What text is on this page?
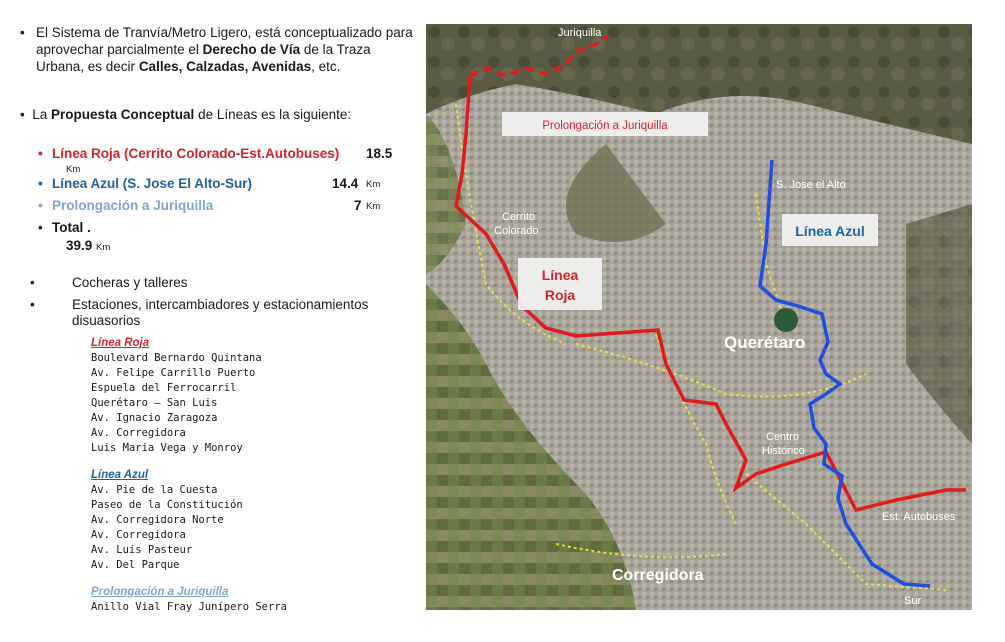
• El Sistema de Tranvía/Metro Ligero, está conceptualizado para aprovechar parcialmente el Derecho de Vía de la Traza Urbana, es decir Calles, Calzadas, Avenidas, etc.
• La Propuesta Conceptual de Líneas es la siguiente:
• Línea Roja (Cerrito Colorado-Est.Autobuses) 18.5
Km
• Línea Azul (S. Jose El Alto-Sur)	14.4 Km
• Prolongación a Juriquilla	7 Km
• Total .
39.9 Km
•	Cocheras y talleres
•	Estaciones, intercambiadores y estacionamientos disuasorios
Línea Roja
Boulevard Bernardo Quintana
Av. Felipe Carrillo Puerto
Espuela del Ferrocarril
Querétaro – San Luis
Av. Ignacio Zaragoza
Av. Corregidora
Luis Maria Vega y Monroy
Línea Azul
Av. Pie de la Cuesta
Paseo de la Constitución
Av. Corregidora Norte
Av. Corregidora
Av. Luis Pasteur
Av. Del Parque
Prolongación a Juriquilla
Anillo Vial Fray Junípero Serra
Juriquilla
Prolongación a Juriquilla
S. Jose el Alto
Línea Azul
Cerrito
Colorado
Línea
Roja
Querétaro
Centro
Histórico
Est. Autobuses
Corregidora
Sur
